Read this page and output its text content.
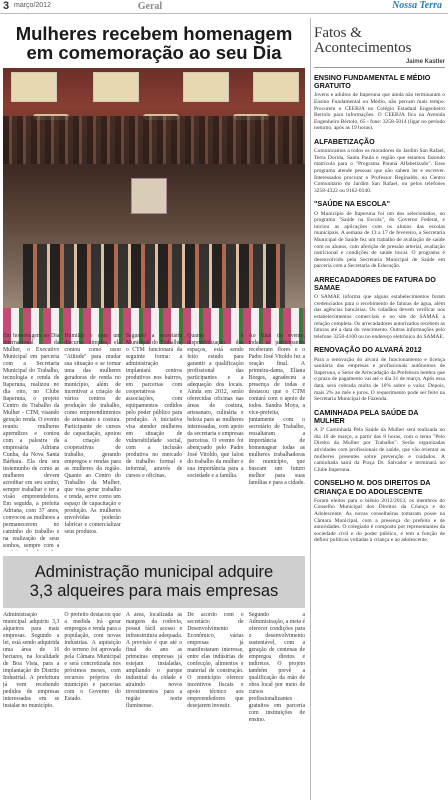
3 março/2012	Geral	Nossa Terra
Mulheres recebem homenagem
em comemoração ao seu Dia

Em homenagem ao Dia Internacional da Mulher, o Executivo Municipal em parceria com a Secretaria Municipal do Trabalho, tecnologia e renda de Itaperuna, realizou no dia oito, no Clube Itaperuna, o projeto Centro do Trabalho da Mulher - CTM, visando geração renda. O evento reuniu mulheres aprendizes e contou com a palestra da empresária Adriana Cunha, da Nova Santa Bárbara. Ela deu seu testemunho de como as mulheres devem acreditar em seu sonho, sempre trabalhar e ter a visão empreendedora. Em seguida, a prefeita Adriana, com 37 anos, convocou as mulheres a permanecerem no caminho do trabalho e na realização de seus sonhos, sempre com a

Humilde e com um discurso simples, ela contou como usou "Atitude" para mudar sua situação e se tornar uma das mulheres geradoras de renda no município, além de incentivar a criação de vários centros de produção de trabalho, como empreendimentos de artesanato e costura. Participante de cursos de capacitação, apoiou a criação de cooperativas de trabalho, gerando empregos e rendas para as mulheres da região. Quanto ao Centro do Trabalho da Mulher, que visa gerar trabalho e renda, serve como um espaço de capacitação e produção. As mulheres envolvidas poderão fabricar e comercializar seus produtos.

Segundo a secretária Municipal do Trabalho, o CTM funcionará da seguinte forma: a administração implantará centros produtivos nos bairros, em parcerias com cooperativas e associações, com equipamentos cedidos pelo poder público para produção. A iniciativa visa atender mulheres em situação de vulnerabilidade social, com a inclusão produtiva no mercado de trabalho formal e informal, através de cursos e oficinas.

Quanto à disponibilização dos espaços, está sendo feito estudo para garantir a qualificação profissional das participantes e a adequação dos locais. Ainda em 2012, serão oferecidas oficinas nas áreas de costura, artesanato, culinária e beleza para as mulheres interessadas, com apoio da secretaria e empresas parceiras. O evento foi abençoado pelo Padre José Vitoldo, que falou do trabalho da mulher e sua importância para a sociedade e a família.

Ao final do evento, todas as participantes receberam flores e o Padre José Vitoldo fez a oração final. A primeira-dama, Eliana Borges, agradeceu a presença de todas e destacou que o CTM contará com o apoio de todos. Sandra Moya, a vice-prefeita, juntamente com o secretário de Trabalho, ressaltaram a importância de homenagear todas as mulheres trabalhadoras do município, que buscam um futuro melhor para suas famílias e para a cidade.

Administração municipal adquire
3,3 alqueires para mais empresas

Administração municipal adquiriu 3,3 alqueires para mais empresas. Segundo a lei, está sendo adquirida uma área de 16 hectares, na localidade de Boa Vista, para a implantação do Distrito Industrial. A prefeitura já vem recebendo pedidos de empresas interessadas em se instalar no município.

O prefeito destacou que a medida irá gerar empregos e renda para a população, com novas indústrias. A aquisição do terreno foi aprovada pela Câmara Municipal e será concretizada nos próximos meses, com recursos próprios do município e parcerias com o Governo do Estado.

A área, localizada às margens da rodovia, possui fácil acesso e infraestrutura adequada. A previsão é que até o final do ano as primeiras empresas já estejam instaladas, ampliando o parque industrial da cidade e atraindo novos investimentos para a região norte fluminense.

De acordo com o secretário de Desenvolvimento Econômico, várias empresas já manifestaram interesse, entre elas indústrias de confecção, alimentos e material de construção. O município oferece incentivos fiscais e apoio técnico aos empreendedores que desejarem investir.

Segundo a Administração, a meta é oferecer condições para o desenvolvimento sustentável, com a geração de centenas de empregos diretos e indiretos. O projeto também prevê a qualificação da mão de obra local por meio de cursos profissionalizantes gratuitos em parceria com instituições de ensino.

Fatos &
Acontecimentos
Jaime Kastler
ENSINO FUNDAMENTAL E MÉDIO GRATUITO

Jovens e adultos de Itaperuna que ainda não terminaram o Ensino Fundamental ou Médio, não percam mais tempo. Procurem o CEEBJA no Colégio Estadual Engenheiro Bertolo para informações. O CEEBJA fica na Avenida Engenheiro Bértolo, 65 - fone: 3258-5014 (ligar no período noturno, após as 19 horas).

ALFABETIZAÇÃO

Comunicamos a todos os moradores do Jardim San Rafael, Terra Dorida, Santa Paula e região que estamos fazendo matrícula para o "Programa Paraná Alfabetizado". Esse programa atende pessoas que não sabem ler e escrever. Interessados procurar o Professor Reginaldo, no Centro Comunitário do Jardim San Rafael, ou pelos telefones 3258-4322 ou 9162-0140.

"SAÚDE NA ESCOLA"

O Município de Itaperuna foi um dos selecionados, no programa "Saúde na Escola", do Governo Federal, e iniciou as aplicações com os alunos das escolas municipais. A semana de 13 a 17 de fevereiro, a Secretaria Municipal de Saúde fez um trabalho de avaliação de saúde com os alunos, com aferição de pressão arterial, avaliação nutricional e condições de saúde bucal. O programa é desenvolvido pela Secretaria Municipal de Saúde em parceria com a Secretaria de Educação.

ARRECADADORES DE FATURA DO SAMAE

O SAMAE informa que alguns estabelecimentos foram credenciados para o recebimento de faturas de água, além das agências bancárias. Os cidadãos devem verificar nos estabelecimentos comerciais e no site do SAMAE a relação completa. Os arrecadadores autorizados recebem as faturas até a data do vencimento. Outras informações pelo telefone 3258-4100 ou no endereço eletrônico do SAMAE.

RENOVAÇÃO DO ALVARÁ 2012

Para a renovação do alvará de funcionamento e licença sanitária das empresas e profissionais autônomos de Itaperuna, o Setor de Arrecadação da Prefeitura lembra que o prazo de pagamento vai até o dia 31 de março. Após essa data, será cobrada multa de 10% sobre o valor. Depois, mais 2% ao mês e juros. O requerimento pode ser feito na Secretaria Municipal de Fazenda.

CAMINHADA PELA SAÚDE DA MULHER

A 3ª Caminhada Pela Saúde da Mulher será realizada no dia 10 de março, a partir das 8 horas, com o tema "Pelo Direito da Mulher por Trabalho". Serão organizadas atividades com profissionais de saúde, que vão orientar as mulheres presentes sobre prevenção e cuidados. A caminhada sairá da Praça Dr. Salvador e terminará no Clube Itaperuna.

CONSELHO M. DOS DIREITOS DA CRIANÇA E DO ADOLESCENTE

Foram eleitos para o biênio 2012/2013, os membros do Conselho Municipal dos Direitos da Criança e do Adolescente. As novas conselheiras tomaram posse na Câmara Municipal, com a presença do prefeito e de autoridades. O colegiado é composto por representantes da sociedade civil e do poder público, e tem a função de definir políticas voltadas à criança e ao adolescente.
